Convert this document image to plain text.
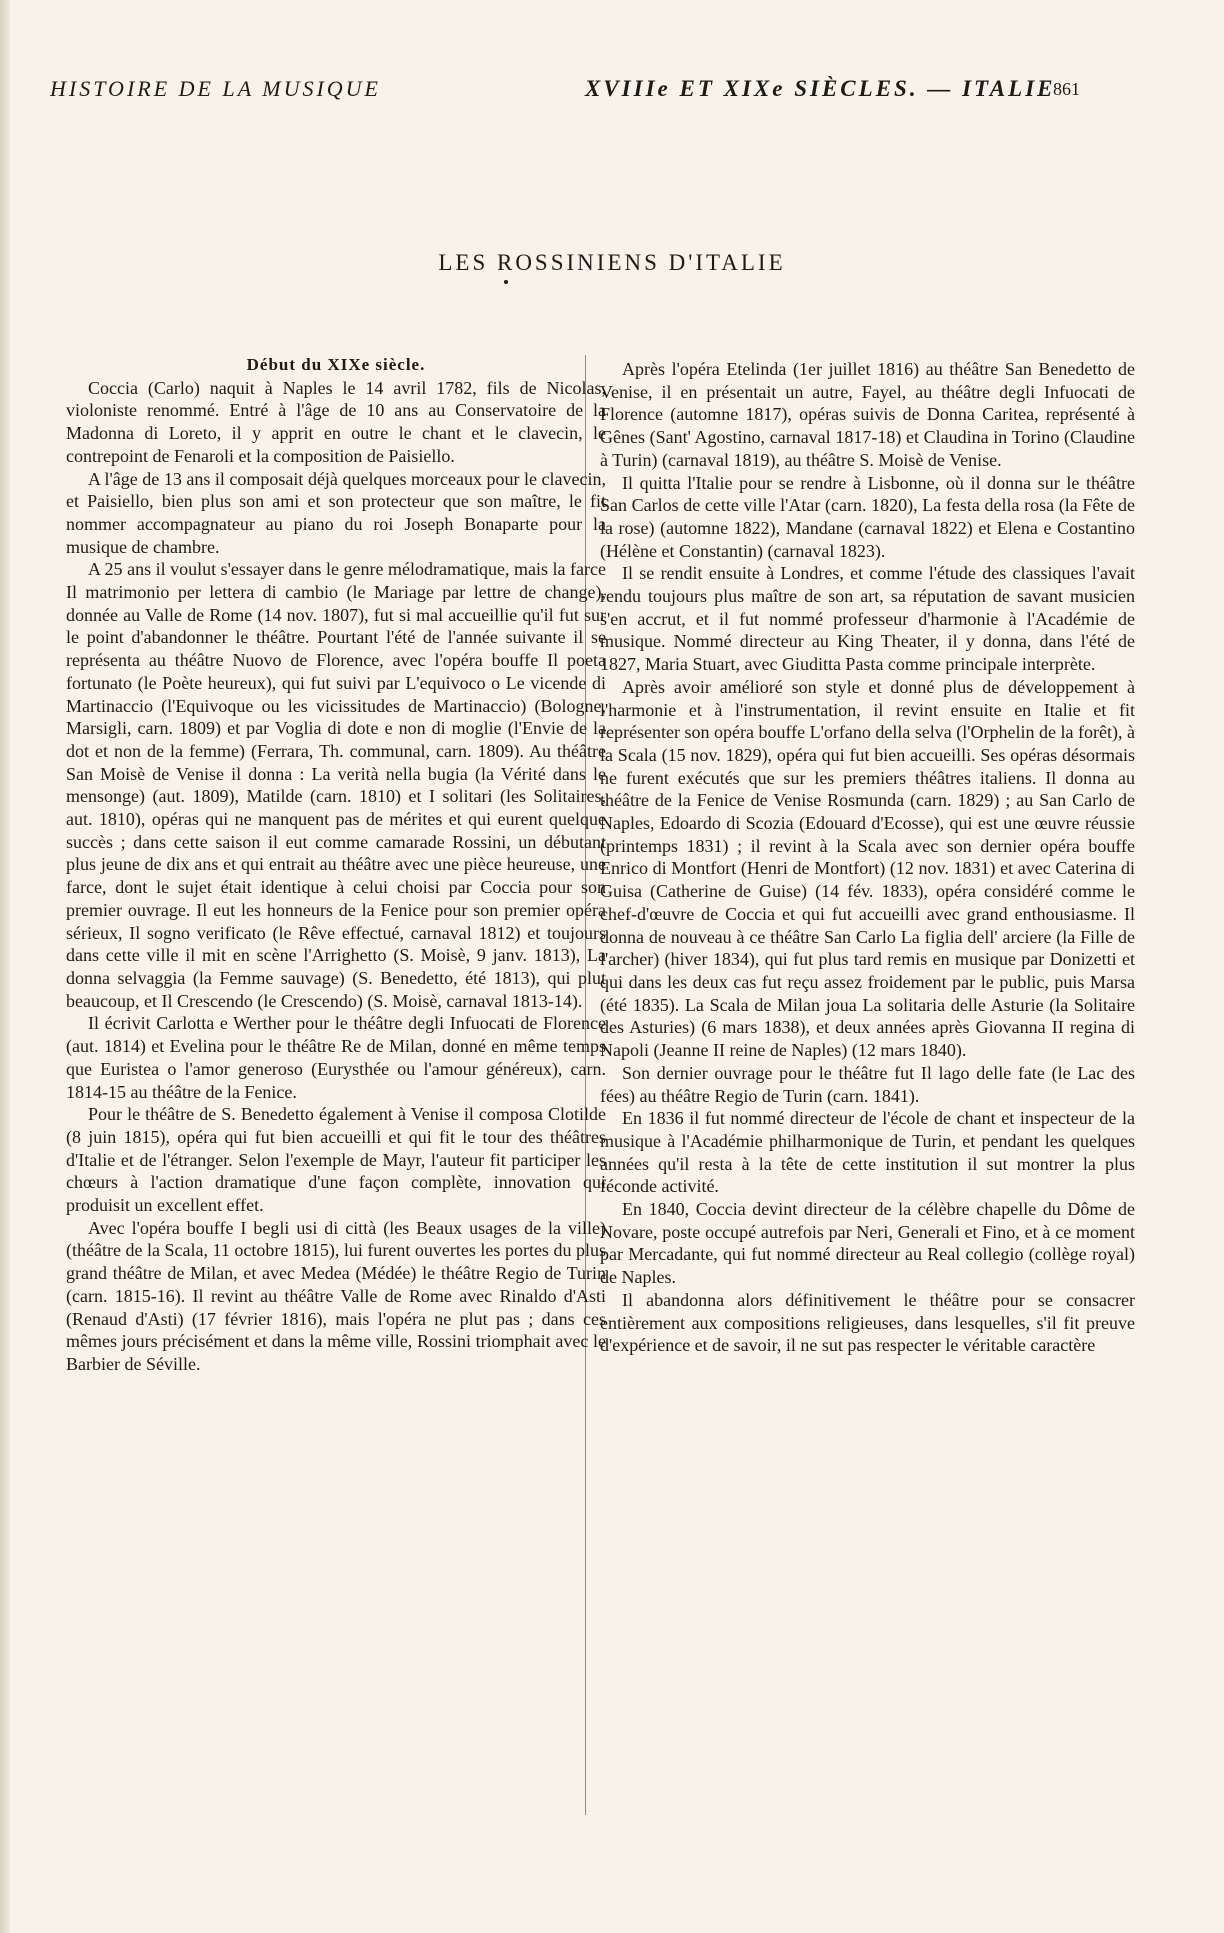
HISTOIRE DE LA MUSIQUE	XVIIIe ET XIXe SIÈCLES. — ITALIE
861
LES ROSSINIENS D'ITALIE

Début du XIXe siècle.

Coccia (Carlo) naquit à Naples le 14 avril 1782, fils de Nicolas, violoniste renommé. Entré à l'âge de 10 ans au Conservatoire de la Madonna di Loreto, il y apprit en outre le chant et le clavecin, le contrepoint de Fenaroli et la composition de Paisiello.

A l'âge de 13 ans il composait déjà quelques morceaux pour le clavecin, et Paisiello, bien plus son ami et son protecteur que son maître, le fit nommer accompagnateur au piano du roi Joseph Bonaparte pour la musique de chambre.

A 25 ans il voulut s'essayer dans le genre mélodramatique, mais la farce Il matrimonio per lettera di cambio (le Mariage par lettre de change), donnée au Valle de Rome (14 nov. 1807), fut si mal accueillie qu'il fut sur le point d'abandonner le théâtre. Pourtant l'été de l'année suivante il se représenta au théâtre Nuovo de Florence, avec l'opéra bouffe Il poeta fortunato (le Poète heureux), qui fut suivi par L'equivoco o Le vicende di Martinaccio (l'Equivoque ou les vicissitudes de Martinaccio) (Bologne, Marsigli, carn. 1809) et par Voglia di dote e non di moglie (l'Envie de la dot et non de la femme) (Ferrara, Th. communal, carn. 1809). Au théâtre San Moisè de Venise il donna : La verità nella bugia (la Vérité dans le mensonge) (aut. 1809), Matilde (carn. 1810) et I solitari (les Solitaires, aut. 1810), opéras qui ne manquent pas de mérites et qui eurent quelque succès ; dans cette saison il eut comme camarade Rossini, un débutant plus jeune de dix ans et qui entrait au théâtre avec une pièce heureuse, une farce, dont le sujet était identique à celui choisi par Coccia pour son premier ouvrage. Il eut les honneurs de la Fenice pour son premier opéra sérieux, Il sogno verificato (le Rêve effectué, carnaval 1812) et toujours dans cette ville il mit en scène l'Arrighetto (S. Moisè, 9 janv. 1813), La donna selvaggia (la Femme sauvage) (S. Benedetto, été 1813), qui plut beaucoup, et Il Crescendo (le Crescendo) (S. Moisè, carnaval 1813-14).

Il écrivit Carlotta e Werther pour le théâtre degli Infuocati de Florence (aut. 1814) et Evelina pour le théâtre Re de Milan, donné en même temps que Euristea o l'amor generoso (Eurysthée ou l'amour généreux), carn. 1814-15 au théâtre de la Fenice.

Pour le théâtre de S. Benedetto également à Venise il composa Clotilde (8 juin 1815), opéra qui fut bien accueilli et qui fit le tour des théâtres d'Italie et de l'étranger. Selon l'exemple de Mayr, l'auteur fit participer les chœurs à l'action dramatique d'une façon complète, innovation qui produisit un excellent effet.

Avec l'opéra bouffe I begli usi di città (les Beaux usages de la ville) (théâtre de la Scala, 11 octobre 1815), lui furent ouvertes les portes du plus grand théâtre de Milan, et avec Medea (Médée) le théâtre Regio de Turin (carn. 1815-16). Il revint au théâtre Valle de Rome avec Rinaldo d'Asti (Renaud d'Asti) (17 février 1816), mais l'opéra ne plut pas ; dans ces mêmes jours précisément et dans la même ville, Rossini triomphait avec le Barbier de Séville.

Après l'opéra Etelinda (1er juillet 1816) au théâtre San Benedetto de Venise, il en présentait un autre, Fayel, au théâtre degli Infuocati de Florence (automne 1817), opéras suivis de Donna Caritea, représenté à Gênes (Sant' Agostino, carnaval 1817-18) et Claudina in Torino (Claudine à Turin) (carnaval 1819), au théâtre S. Moisè de Venise.

Il quitta l'Italie pour se rendre à Lisbonne, où il donna sur le théâtre San Carlos de cette ville l'Atar (carn. 1820), La festa della rosa (la Fête de la rose) (automne 1822), Mandane (carnaval 1822) et Elena e Costantino (Hélène et Constantin) (carnaval 1823).

Il se rendit ensuite à Londres, et comme l'étude des classiques l'avait rendu toujours plus maître de son art, sa réputation de savant musicien s'en accrut, et il fut nommé professeur d'harmonie à l'Académie de musique. Nommé directeur au King Theater, il y donna, dans l'été de 1827, Maria Stuart, avec Giuditta Pasta comme principale interprète.

Après avoir amélioré son style et donné plus de développement à l'harmonie et à l'instrumentation, il revint ensuite en Italie et fit représenter son opéra bouffe L'orfano della selva (l'Orphelin de la forêt), à la Scala (15 nov. 1829), opéra qui fut bien accueilli. Ses opéras désormais ne furent exécutés que sur les premiers théâtres italiens. Il donna au théâtre de la Fenice de Venise Rosmunda (carn. 1829) ; au San Carlo de Naples, Edoardo di Scozia (Edouard d'Ecosse), qui est une œuvre réussie (printemps 1831) ; il revint à la Scala avec son dernier opéra bouffe Enrico di Montfort (Henri de Montfort) (12 nov. 1831) et avec Caterina di Guisa (Catherine de Guise) (14 fév. 1833), opéra considéré comme le chef-d'œuvre de Coccia et qui fut accueilli avec grand enthousiasme. Il donna de nouveau à ce théâtre San Carlo La figlia dell' arciere (la Fille de l'archer) (hiver 1834), qui fut plus tard remis en musique par Donizetti et qui dans les deux cas fut reçu assez froidement par le public, puis Marsa (été 1835). La Scala de Milan joua La solitaria delle Asturie (la Solitaire des Asturies) (6 mars 1838), et deux années après Giovanna II regina di Napoli (Jeanne II reine de Naples) (12 mars 1840).

Son dernier ouvrage pour le théâtre fut Il lago delle fate (le Lac des fées) au théâtre Regio de Turin (carn. 1841).

En 1836 il fut nommé directeur de l'école de chant et inspecteur de la musique à l'Académie philharmonique de Turin, et pendant les quelques années qu'il resta à la tête de cette institution il sut montrer la plus féconde activité.

En 1840, Coccia devint directeur de la célèbre chapelle du Dôme de Novare, poste occupé autrefois par Neri, Generali et Fino, et à ce moment par Mercadante, qui fut nommé directeur au Real collegio (collège royal) de Naples.

Il abandonna alors définitivement le théâtre pour se consacrer entièrement aux compositions religieuses, dans lesquelles, s'il fit preuve d'expérience et de savoir, il ne sut pas respecter le véritable caractère
